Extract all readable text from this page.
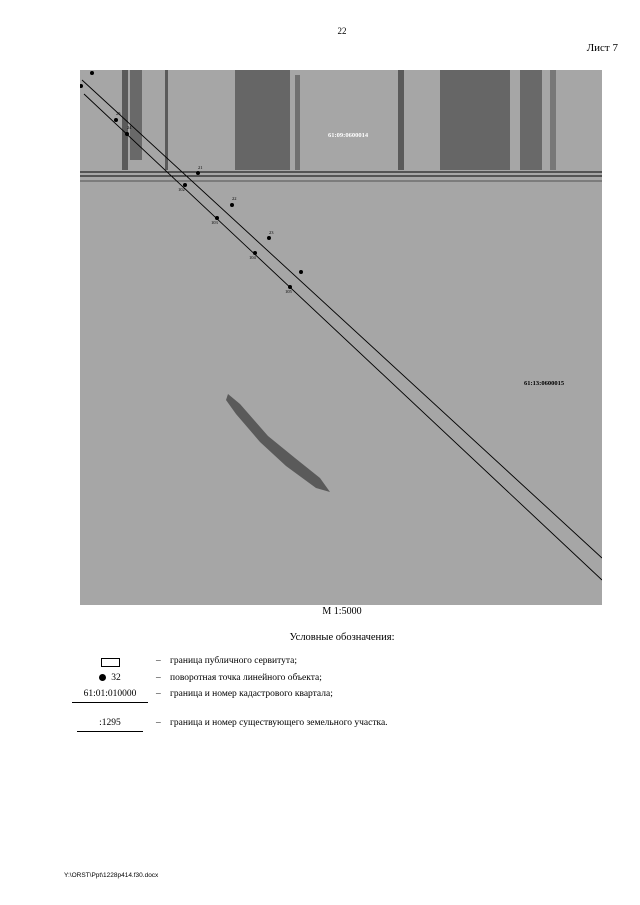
22
Лист 7
61:09:0600014
61:13:0600015
21
22
23
24
25
102
103
104
105
М 1:5000
Условные обозначения:
– граница публичного сервитута;
32	– поворотная точка линейного объекта;
61:01:010000	– граница и номер кадастрового квартала;
:1295	– граница и номер существующего земельного участка.
Y:\ORST\Ppt\1228p414.f30.docx
